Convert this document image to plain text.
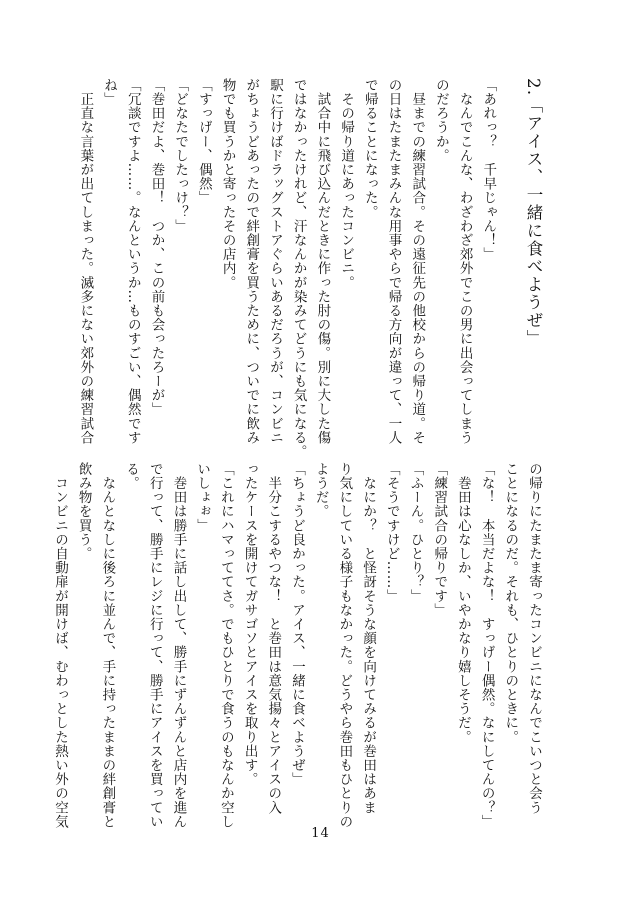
2.「アイス、一緒に食べようぜ」
「あれっ？　千早じゃん！」
　なんでこんな、わざわざ郊外でこの男に出会ってしまう
のだろうか。
　昼までの練習試合。その遠征先の他校からの帰り道。そ
の日はたまたまみんな用事やらで帰る方向が違って、一人
で帰ることになった。
　その帰り道にあったコンビニ。
　試合中に飛び込んだときに作った肘の傷。別に大した傷
ではなかったけれど、汗なんかが染みてどうにも気になる。
駅に行けばドラッグストアぐらいあるだろうが、コンビニ
がちょうどあったので絆創膏を買うために、ついでに飲み
物でも買うかと寄ったその店内。
「すっげー、偶然」
「どなたでしたっけ？」
「巻田だよ、巻田！　つか、この前も会ったろーが」
「冗談ですよ……。なんというか…ものすごい、偶然です
ね」
　正直な言葉が出てしまった。滅多にない郊外の練習試合
の帰りにたまたま寄ったコンビニになんでこいつと会う
ことになるのだ。それも、ひとりのときに。
「な！　本当だよな！　すっげー偶然。なにしてんの？」
　巻田は心なしか、いやかなり嬉しそうだ。
「練習試合の帰りです」
「ふーん。ひとり？」
「そうですけど……」
　なにか？　と怪訝そうな顔を向けてみるが巻田はあま
り気にしている様子もなかった。どうやら巻田もひとりの
ようだ。
「ちょうど良かった。アイス、一緒に食べようぜ」
　半分こするやつな！　と巻田は意気揚々とアイスの入
ったケースを開けてガサゴソとアイスを取り出す。
「これにハマっててさ。でもひとりで食うのもなんか空し
いしょぉ」
　巻田は勝手に話し出して、勝手にずんずんと店内を進ん
で行って、勝手にレジに行って、勝手にアイスを買ってい
る。
　なんとなしに後ろに並んで、手に持ったままの絆創膏と
飲み物を買う。
　コンビニの自動扉が開けば、むわっとした熱い外の空気
14
